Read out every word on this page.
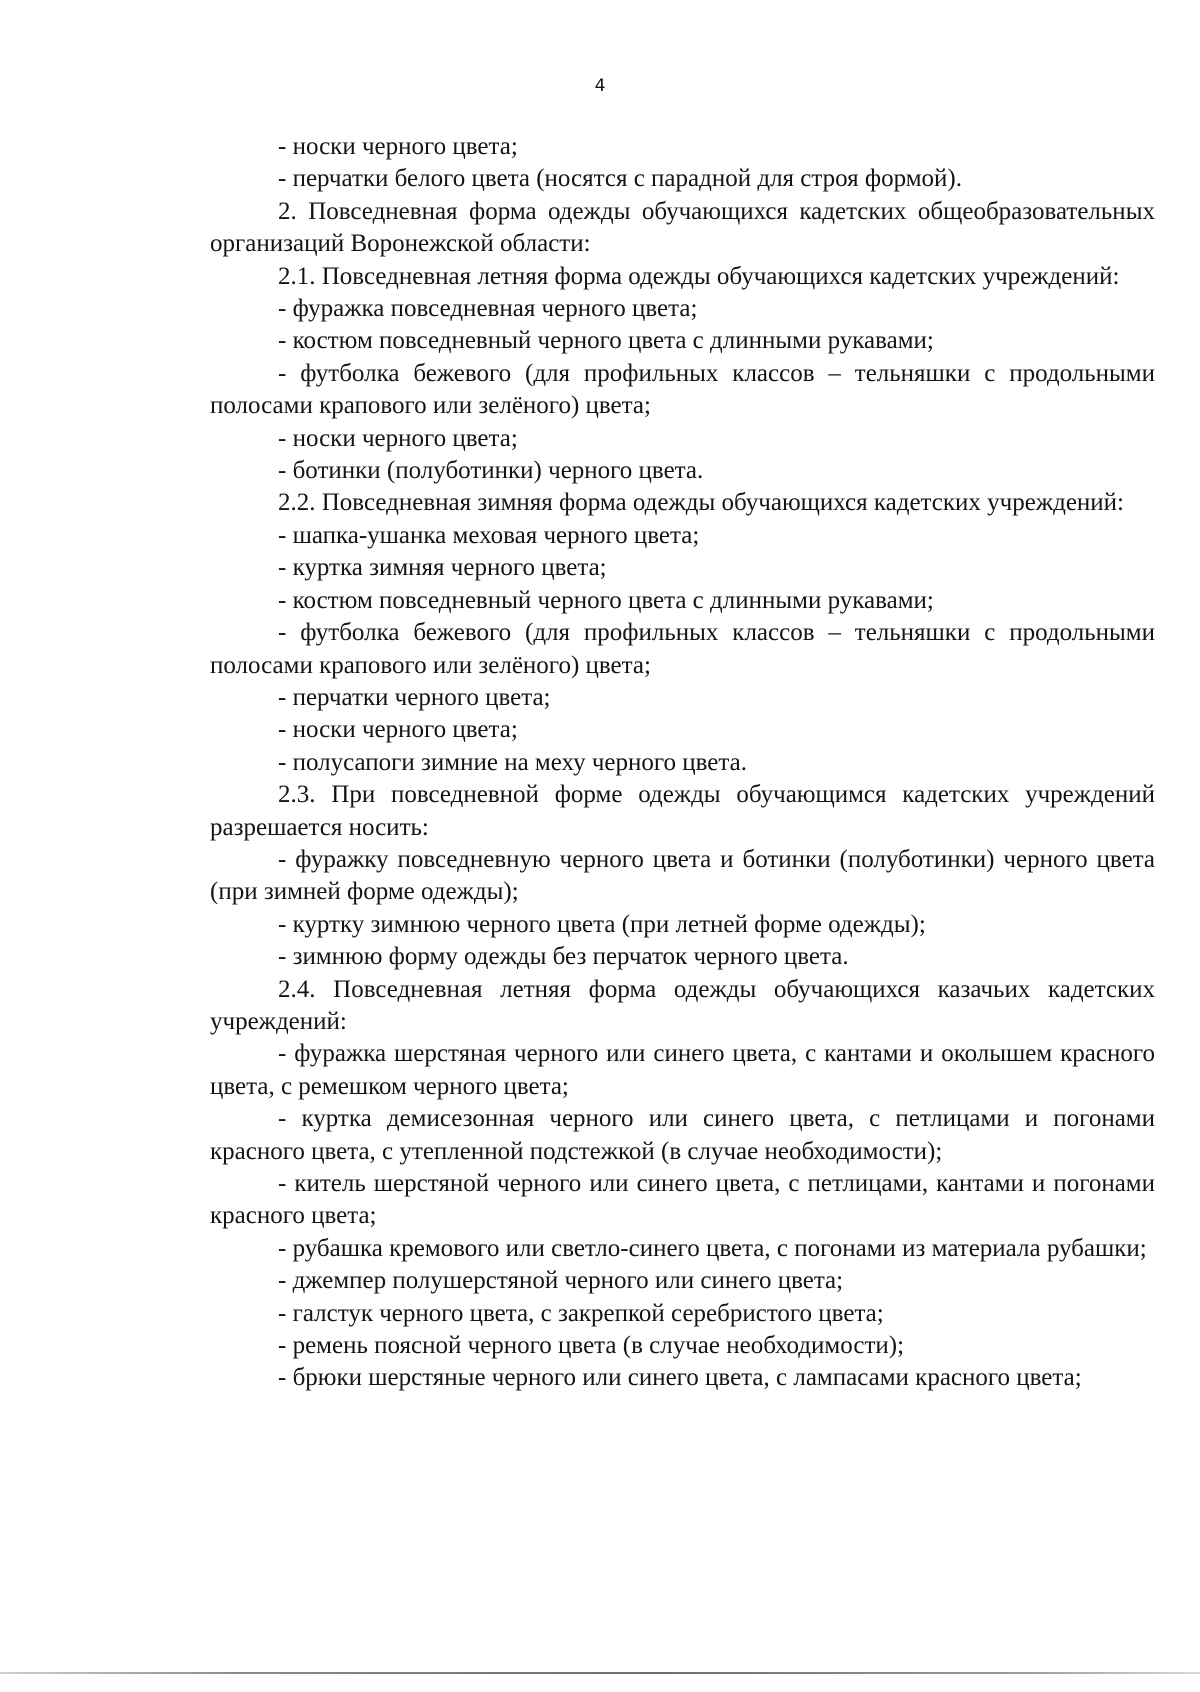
4

- носки черного цвета;

- перчатки белого цвета (носятся с парадной для строя формой).

2. Повседневная форма одежды обучающихся кадетских общеобразовательных организаций Воронежской области:

2.1. Повседневная летняя форма одежды обучающихся кадетских учреждений:

- фуражка повседневная черного цвета;

- костюм повседневный черного цвета с длинными рукавами;

- футболка бежевого (для профильных классов – тельняшки с продольными полосами крапового или зелёного) цвета;

- носки черного цвета;

- ботинки (полуботинки) черного цвета.

2.2. Повседневная зимняя форма одежды обучающихся кадетских учреждений:

- шапка-ушанка меховая черного цвета;

- куртка зимняя черного цвета;

- костюм повседневный черного цвета с длинными рукавами;

- футболка бежевого (для профильных классов – тельняшки с продольными полосами крапового или зелёного) цвета;

- перчатки черного цвета;

- носки черного цвета;

- полусапоги зимние на меху черного цвета.

2.3. При повседневной форме одежды обучающимся кадетских учреждений разрешается носить:

- фуражку повседневную черного цвета и ботинки (полуботинки) черного цвета (при зимней форме одежды);

- куртку зимнюю черного цвета (при летней форме одежды);

- зимнюю форму одежды без перчаток черного цвета.

2.4. Повседневная летняя форма одежды обучающихся казачьих кадетских учреждений:

- фуражка шерстяная черного или синего цвета, с кантами и околышем красного цвета, с ремешком черного цвета;

- куртка демисезонная черного или синего цвета, с петлицами и погонами красного цвета, с утепленной подстежкой (в случае необходимости);

- китель шерстяной черного или синего цвета, с петлицами, кантами и погонами красного цвета;

- рубашка кремового или светло-синего цвета, с погонами из материала рубашки;

- джемпер полушерстяной черного или синего цвета;

- галстук черного цвета, с закрепкой серебристого цвета;

- ремень поясной черного цвета (в случае необходимости);

- брюки шерстяные черного или синего цвета, с лампасами красного цвета;
